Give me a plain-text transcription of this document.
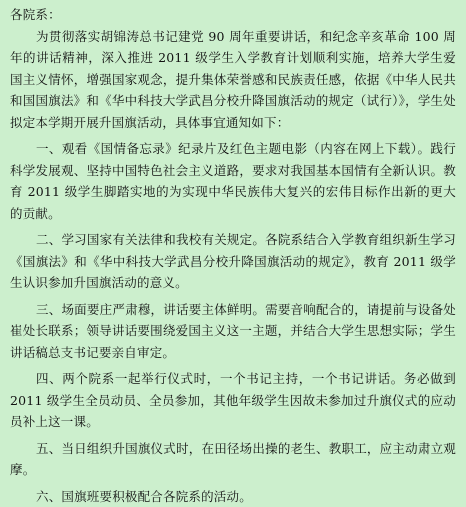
各院系：

为贯彻落实胡锦涛总书记建党 90 周年重要讲话，和纪念辛亥革命 100 周年的讲话精神，深入推进 2011 级学生入学教育计划顺利实施，培养大学生爱国主义情怀，增强国家观念，提升集体荣誉感和民族责任感，依据《中华人民共和国国旗法》和《华中科技大学武昌分校升降国旗活动的规定（试行）》，学生处拟定本学期开展升国旗活动，具体事宜通知如下：

一、观看《国情备忘录》纪录片及红色主题电影（内容在网上下载）。践行科学发展观、坚持中国特色社会主义道路，要求对我国基本国情有全新认识。教育 2011 级学生脚踏实地的为实现中华民族伟大复兴的宏伟目标作出新的更大的贡献。

二、学习国家有关法律和我校有关规定。各院系结合入学教育组织新生学习《国旗法》和《华中科技大学武昌分校升降国旗活动的规定》，教育 2011 级学生认识参加升国旗活动的意义。

三、场面要庄严肃穆，讲话要主体鲜明。需要音响配合的，请提前与设备处崔处长联系；领导讲话要围绕爱国主义这一主题，并结合大学生思想实际；学生讲话稿总支书记要亲自审定。

四、两个院系一起举行仪式时，一个书记主持，一个书记讲话。务必做到 2011 级学生全员动员、全员参加，其他年级学生因故未参加过升旗仪式的应动员补上这一课。

五、当日组织升国旗仪式时，在田径场出操的老生、教职工，应主动肃立观摩。

六、国旗班要积极配合各院系的活动。
